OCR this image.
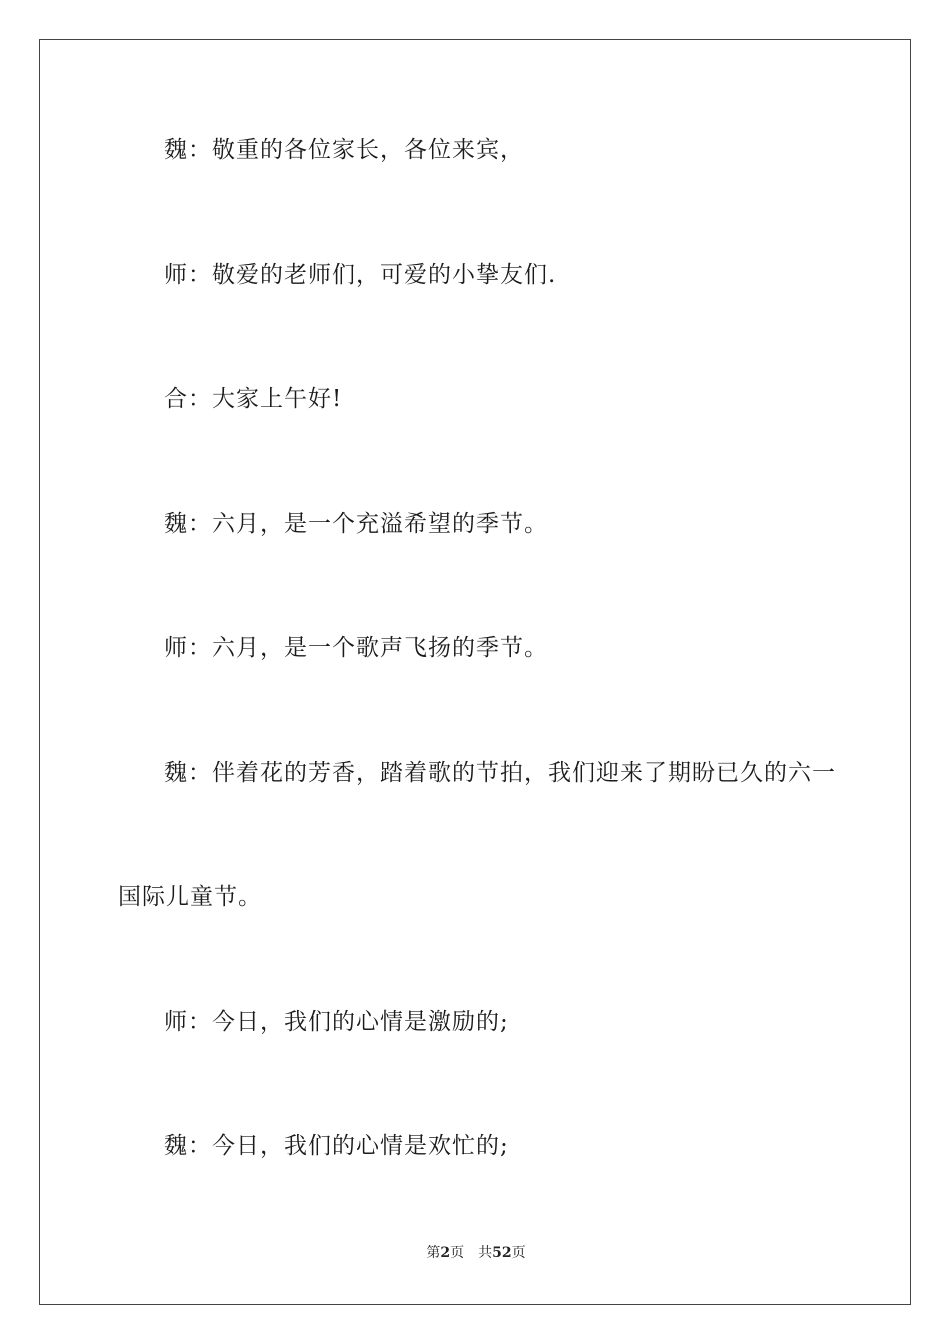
魏：敬重的各位家长，各位来宾，
师：敬爱的老师们，可爱的小挚友们.
合：大家上午好!
魏：六月，是一个充溢希望的季节。
师：六月，是一个歌声飞扬的季节。
魏：伴着花的芳香，踏着歌的节拍，我们迎来了期盼已久的六一
国际儿童节。
师：今日，我们的心情是激励的;
魏：今日，我们的心情是欢忙的;
第2页 共52页
